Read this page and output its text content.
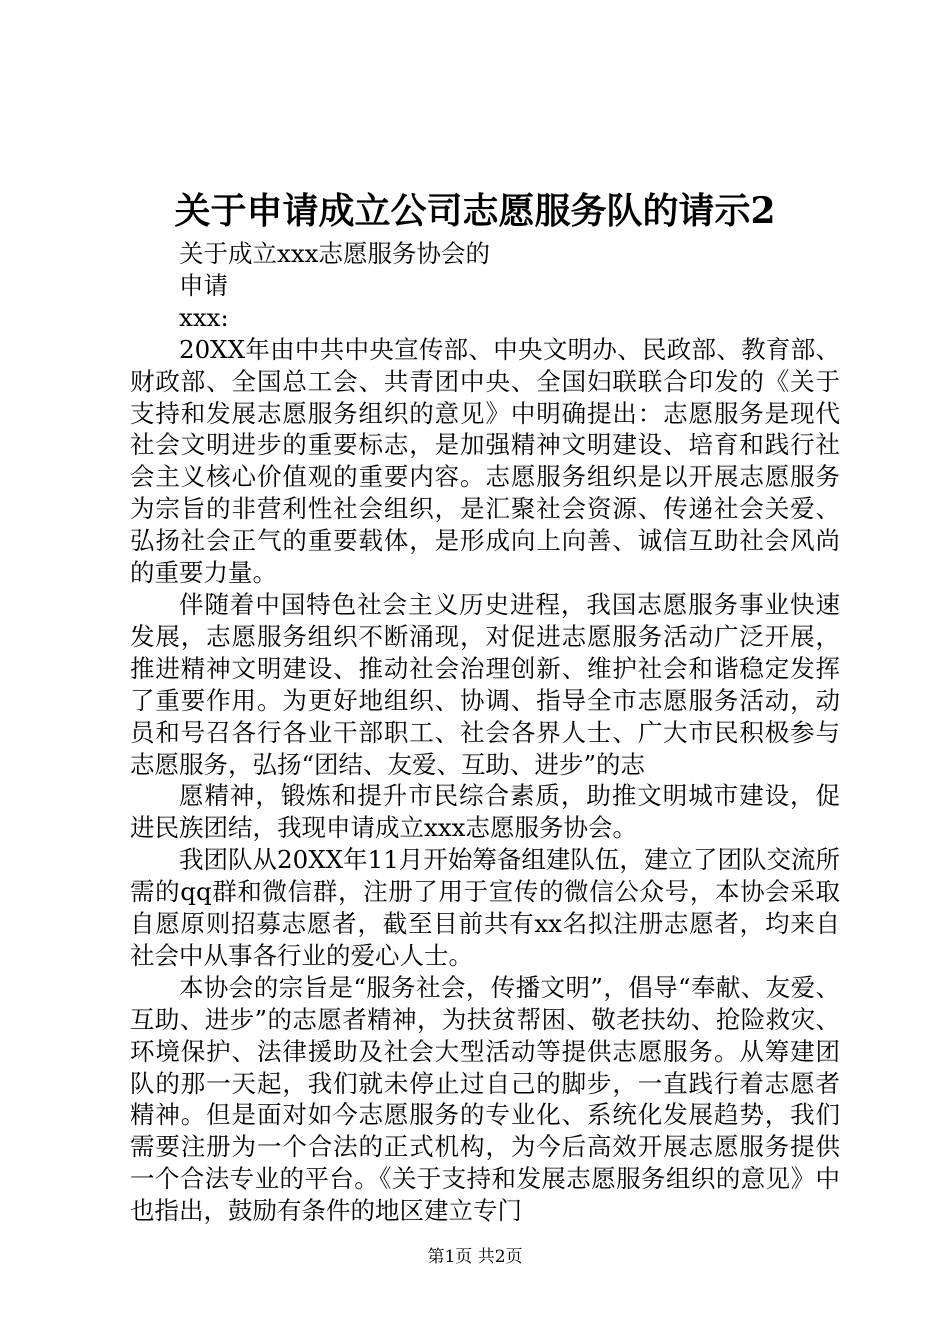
关于申请成立公司志愿服务队的请示2
关于成立xxx志愿服务协会的
申请
xxx:
20XX年由中共中央宣传部、中央文明办、民政部、教育部、财政部、全国总工会、共青团中央、全国妇联联合印发的《关于支持和发展志愿服务组织的意见》中明确提出：志愿服务是现代社会文明进步的重要标志，是加强精神文明建设、培育和践行社会主义核心价值观的重要内容。志愿服务组织是以开展志愿服务为宗旨的非营利性社会组织，是汇聚社会资源、传递社会关爱、弘扬社会正气的重要载体，是形成向上向善、诚信互助社会风尚的重要力量。
伴随着中国特色社会主义历史进程，我国志愿服务事业快速发展，志愿服务组织不断涌现，对促进志愿服务活动广泛开展，推进精神文明建设、推动社会治理创新、维护社会和谐稳定发挥了重要作用。为更好地组织、协调、指导全市志愿服务活动，动员和号召各行各业干部职工、社会各界人士、广大市民积极参与志愿服务，弘扬“团结、友爱、互助、进步”的志
愿精神，锻炼和提升市民综合素质，助推文明城市建设，促进民族团结，我现申请成立xxx志愿服务协会。
我团队从20XX年11月开始筹备组建队伍，建立了团队交流所需的qq群和微信群，注册了用于宣传的微信公众号，本协会采取自愿原则招募志愿者，截至目前共有xx名拟注册志愿者，均来自社会中从事各行业的爱心人士。
本协会的宗旨是“服务社会，传播文明”，倡导“奉献、友爱、互助、进步”的志愿者精神，为扶贫帮困、敬老扶幼、抢险救灾、环境保护、法律援助及社会大型活动等提供志愿服务。从筹建团队的那一天起，我们就未停止过自己的脚步，一直践行着志愿者精神。但是面对如今志愿服务的专业化、系统化发展趋势，我们需要注册为一个合法的正式机构，为今后高效开展志愿服务提供一个合法专业的平台。《关于支持和发展志愿服务组织的意见》中也指出，鼓励有条件的地区建立专门
第1页 共2页
